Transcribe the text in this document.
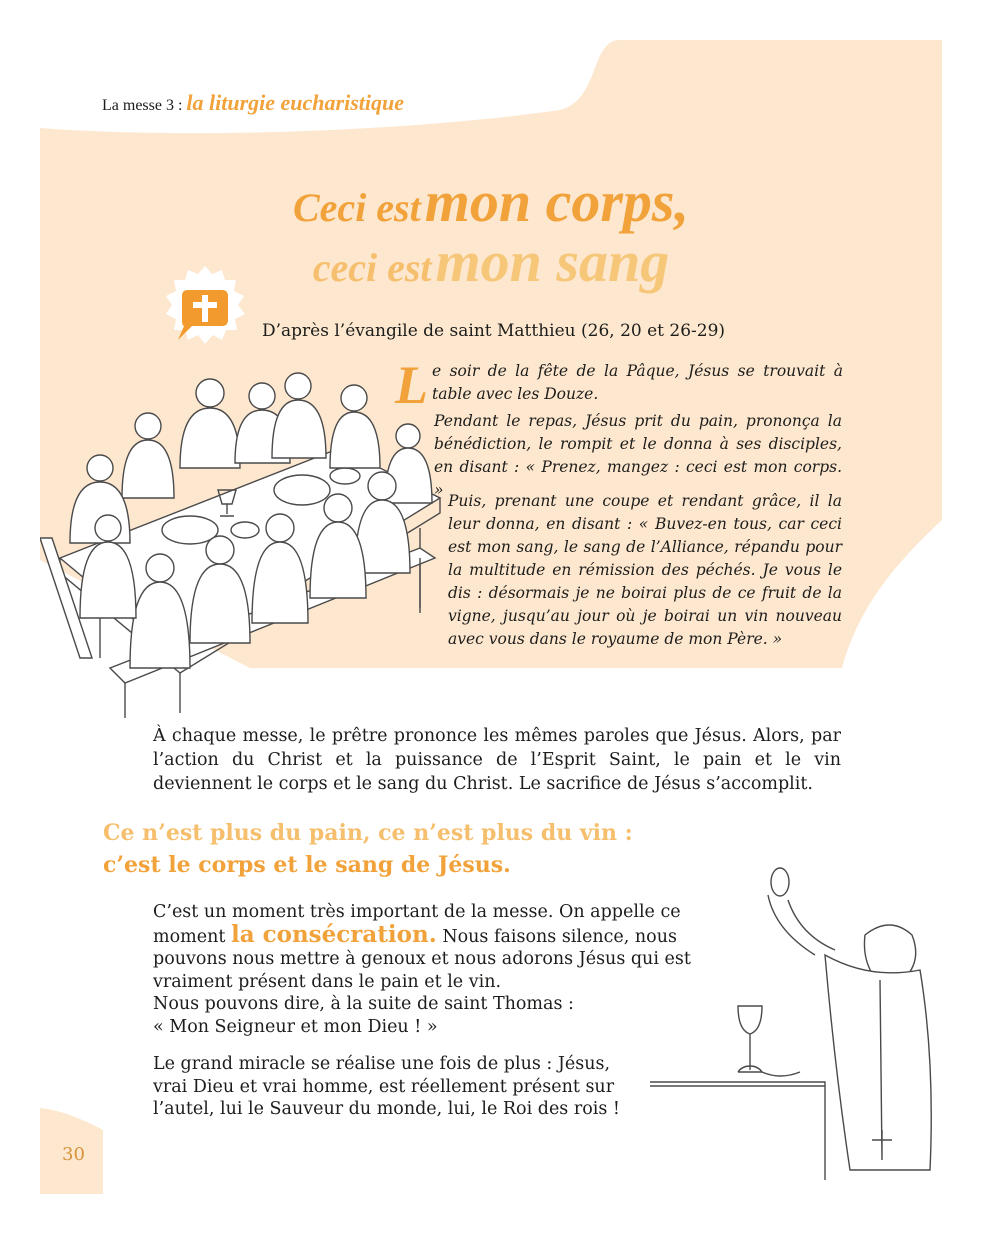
La messe 3 : la liturgie eucharistique
Ceci est mon corps,
ceci est mon sang
D’après l’évangile de saint Matthieu (26, 20 et 26-29)
L e soir de la fête de la Pâque, Jésus se trouvait à table avec les Douze.
Pendant le repas, Jésus prit du pain, prononça la bénédiction, le rompit et le donna à ses disciples, en disant : « Prenez, mangez : ceci est mon corps. »
Puis, prenant une coupe et rendant grâce, il la leur donna, en disant : « Buvez-en tous, car ceci est mon sang, le sang de l’Alliance, répandu pour la multitude en rémission des péchés. Je vous le dis : désormais je ne boirai plus de ce fruit de la vigne, jusqu’au jour où je boirai un vin nouveau avec vous dans le royaume de mon Père. »
À chaque messe, le prêtre prononce les mêmes paroles que Jésus. Alors, par l’action du Christ et la puissance de l’Esprit Saint, le pain et le vin deviennent le corps et le sang du Christ. Le sacrifice de Jésus s’accomplit.
Ce n’est plus du pain, ce n’est plus du vin :
c’est le corps et le sang de Jésus.
C’est un moment très important de la messe. On appelle ce moment la consécration. Nous faisons silence, nous pouvons nous mettre à genoux et nous adorons Jésus qui est vraiment présent dans le pain et le vin.
Nous pouvons dire, à la suite de saint Thomas :
« Mon Seigneur et mon Dieu ! »
Le grand miracle se réalise une fois de plus : Jésus, vrai Dieu et vrai homme, est réellement présent sur l’autel, lui le Sauveur du monde, lui, le Roi des rois !
30
